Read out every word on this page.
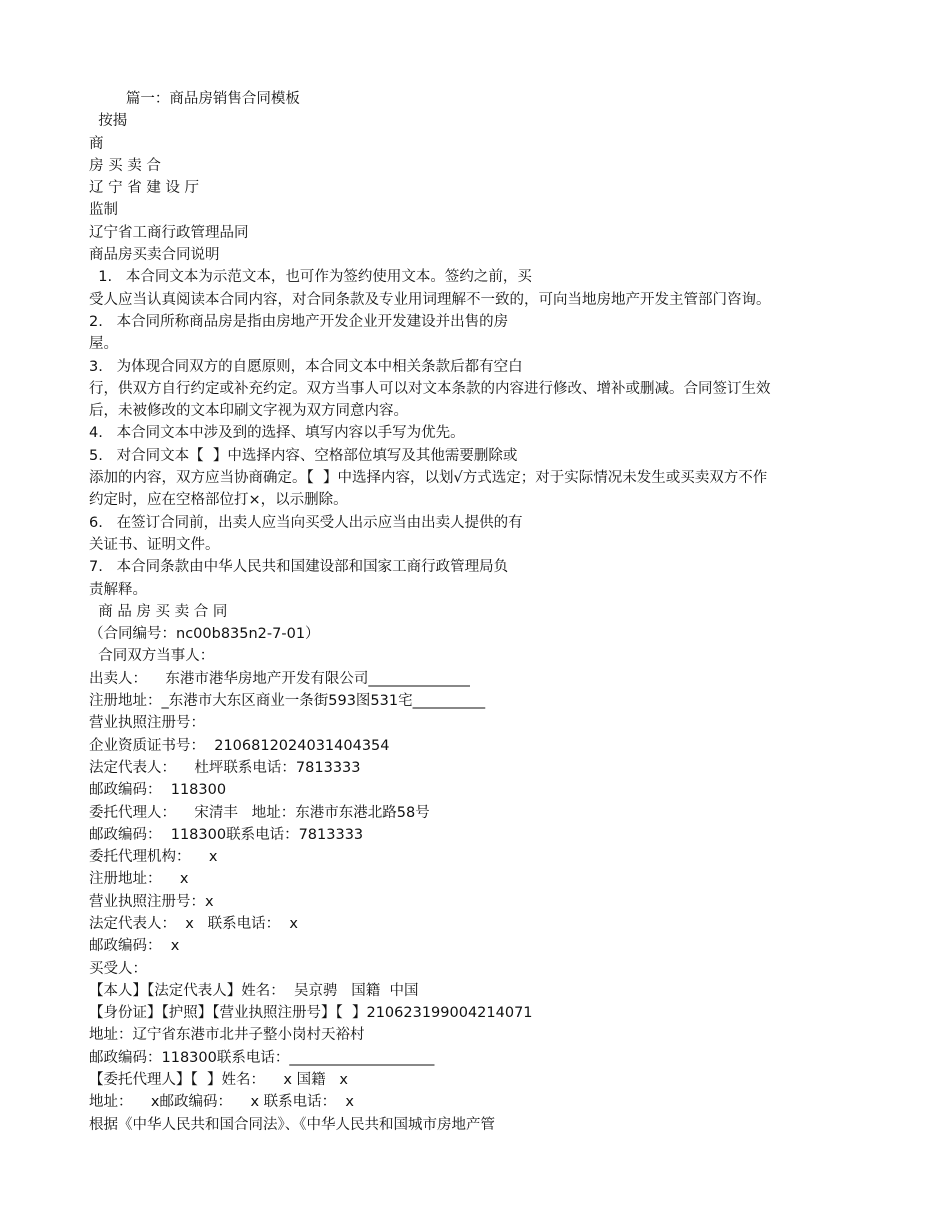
篇一：商品房销售合同模板
按揭
商
房 买 卖 合
辽 宁 省 建 设 厅
监制
辽宁省工商行政管理品同
商品房买卖合同说明
1.   本合同文本为示范文本，也可作为签约使用文本。签约之前，买
受人应当认真阅读本合同内容，对合同条款及专业用词理解不一致的，可向当地房地产开发主管部门咨询。
2.   本合同所称商品房是指由房地产开发企业开发建设并出售的房
屋。
3.   为体现合同双方的自愿原则，本合同文本中相关条款后都有空白
行，供双方自行约定或补充约定。双方当事人可以对文本条款的内容进行修改、增补或删减。合同签订生效
后，未被修改的文本印刷文字视为双方同意内容。
4.   本合同文本中涉及到的选择、填写内容以手写为优先。
5.   对合同文本【  】中选择内容、空格部位填写及其他需要删除或
添加的内容，双方应当协商确定。【  】中选择内容，以划√方式选定；对于实际情况未发生或买卖双方不作
约定时，应在空格部位打×，以示删除。
6.   在签订合同前，出卖人应当向买受人出示应当由出卖人提供的有
关证书、证明文件。
7.   本合同条款由中华人民共和国建设部和国家工商行政管理局负
责解释。
商 品 房 买 卖 合 同
（合同编号：nc00b835n2-7-01）
合同双方当事人：
出卖人：    东港市港华房地产开发有限公司______________
注册地址：_东港市大东区商业一条街593图531宅__________
营业执照注册号：
企业资质证书号：  2106812024031404354
法定代表人：    杜坪联系电话：7813333
邮政编码：  118300
委托代理人：    宋清丰   地址：东港市东港北路58号
邮政编码：  118300联系电话：7813333
委托代理机构：    x
注册地址：    x
营业执照注册号：x
法定代表人：  x   联系电话：  x
邮政编码：  x
买受人：
【本人】【法定代表人】姓名：  吴京骋   国籍  中国
【身份证】【护照】【营业执照注册号】【  】210623199004214071
地址：辽宁省东港市北井子整小岗村天裕村
邮政编码：118300联系电话：____________________
【委托代理人】【  】姓名：    x 国籍   x
地址：    x邮政编码：    x 联系电话：  x
根据《中华人民共和国合同法》、《中华人民共和国城市房地产管
